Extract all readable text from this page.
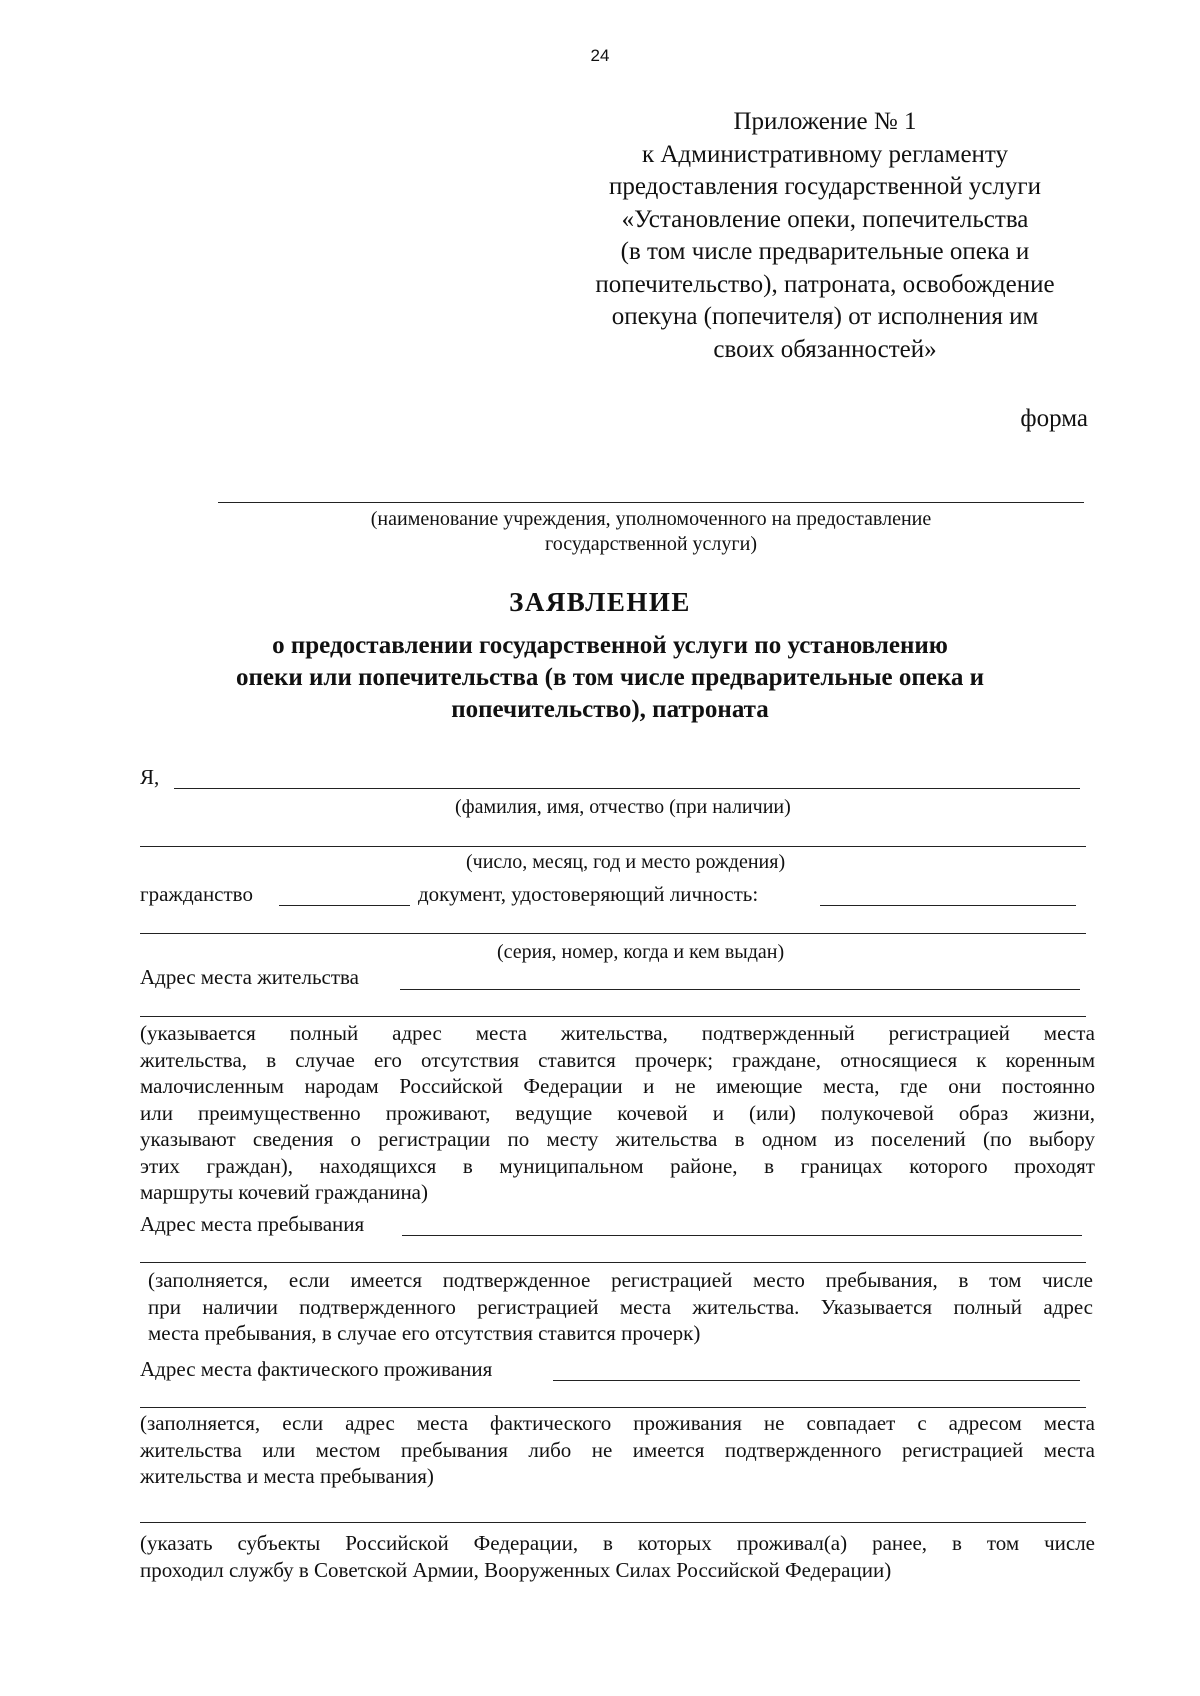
24
Приложение № 1
к Административному регламенту
предоставления государственной услуги
«Установление опеки, попечительства
(в том числе предварительные опека и
попечительство), патроната, освобождение
опекуна (попечителя) от исполнения им
своих обязанностей»
форма
(наименование учреждения, уполномоченного на предоставление
государственной услуги)
ЗАЯВЛЕНИЕ
о предоставлении государственной услуги по установлению
опеки или попечительства (в том числе предварительные опека и
попечительство), патроната
Я,
(фамилия, имя, отчество (при наличии)
(число, месяц, год и место рождения)
гражданство	документ, удостоверяющий личность:
(серия, номер, когда и кем выдан)
Адрес места жительства
(указывается полный адрес места жительства, подтвержденный регистрацией места
жительства, в случае его отсутствия ставится прочерк; граждане, относящиеся к коренным
малочисленным народам Российской Федерации и не имеющие места, где они постоянно
или преимущественно проживают, ведущие кочевой и (или) полукочевой образ жизни,
указывают сведения о регистрации по месту жительства в одном из поселений (по выбору
этих граждан), находящихся в муниципальном районе, в границах которого проходят
маршруты кочевий гражданина)
Адрес места пребывания
(заполняется, если имеется подтвержденное регистрацией место пребывания, в том числе
при наличии подтвержденного регистрацией места жительства. Указывается полный адрес
места пребывания, в случае его отсутствия ставится прочерк)
Адрес места фактического проживания
(заполняется, если адрес места фактического проживания не совпадает с адресом места
жительства или местом пребывания либо не имеется подтвержденного регистрацией места
жительства и места пребывания)
(указать субъекты Российской Федерации, в которых проживал(а) ранее, в том числе
проходил службу в Советской Армии, Вооруженных Силах Российской Федерации)
